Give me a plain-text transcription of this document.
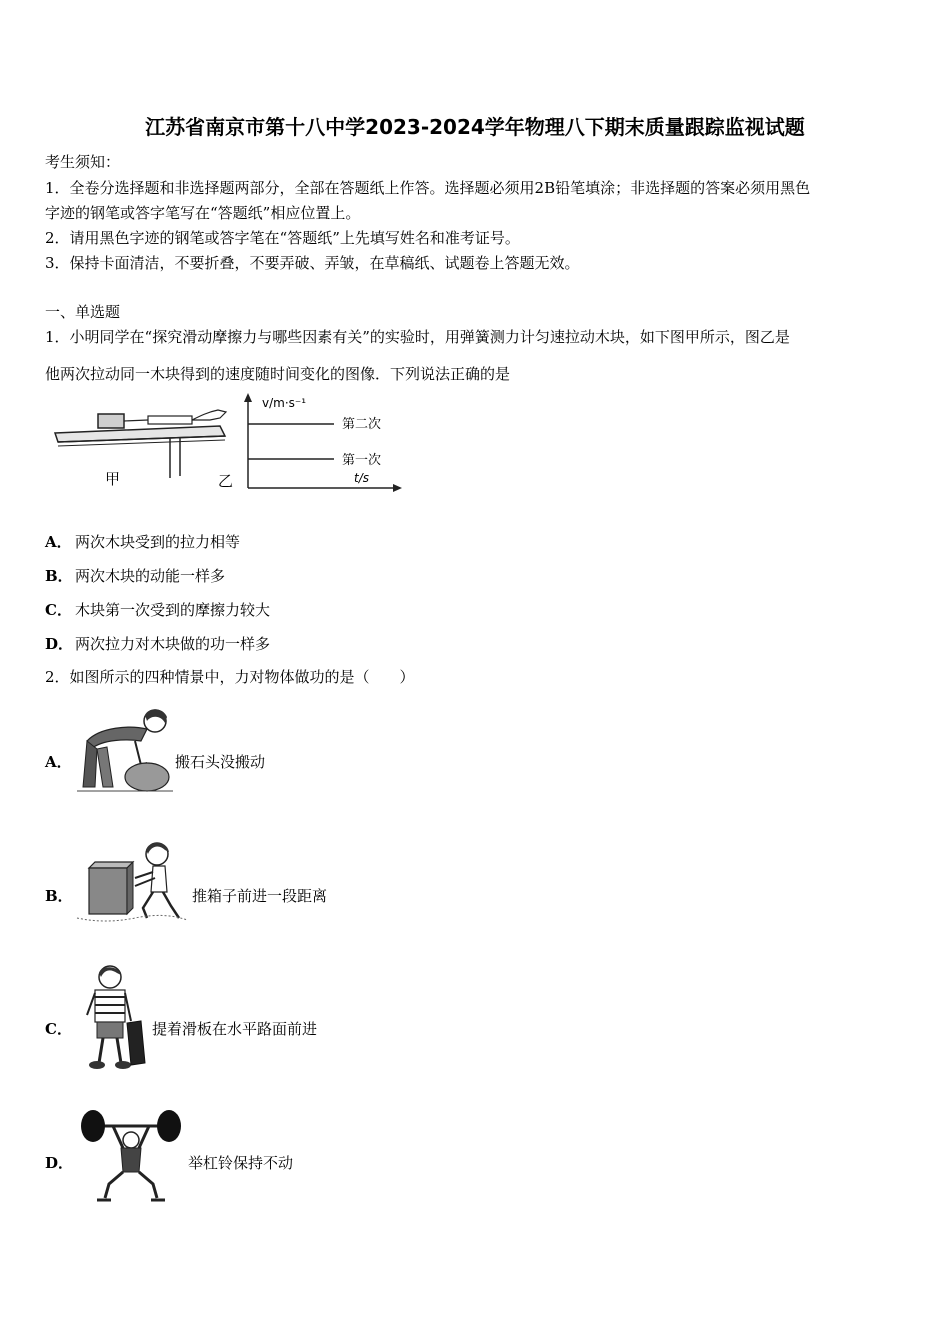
江苏省南京市第十八中学2023-2024学年物理八下期末质量跟踪监视试题
考生须知：
1．全卷分选择题和非选择题两部分，全部在答题纸上作答。选择题必须用2B铅笔填涂；非选择题的答案必须用黑色
字迹的钢笔或答字笔写在“答题纸”相应位置上。
2．请用黑色字迹的钢笔或答字笔在“答题纸”上先填写姓名和准考证号。
3．保持卡面清洁，不要折叠，不要弄破、弄皱，在草稿纸、试题卷上答题无效。
一、单选题
1．小明同学在“探究滑动摩擦力与哪些因素有关”的实验时，用弹簧测力计匀速拉动木块，如下图甲所示，图乙是
他两次拉动同一木块得到的速度随时间变化的图像．下列说法正确的是
甲	乙
v/m·s⁻¹
t/s
第二次
第一次
A． 两次木块受到的拉力相等
B． 两次木块的动能一样多
C． 木块第一次受到的摩擦力较大
D． 两次拉力对木块做的功一样多
2．如图所示的四种情景中，力对物体做功的是（　　）
A．	搬石头没搬动
B．	推箱子前进一段距离
C．	提着滑板在水平路面前进
D．	举杠铃保持不动
